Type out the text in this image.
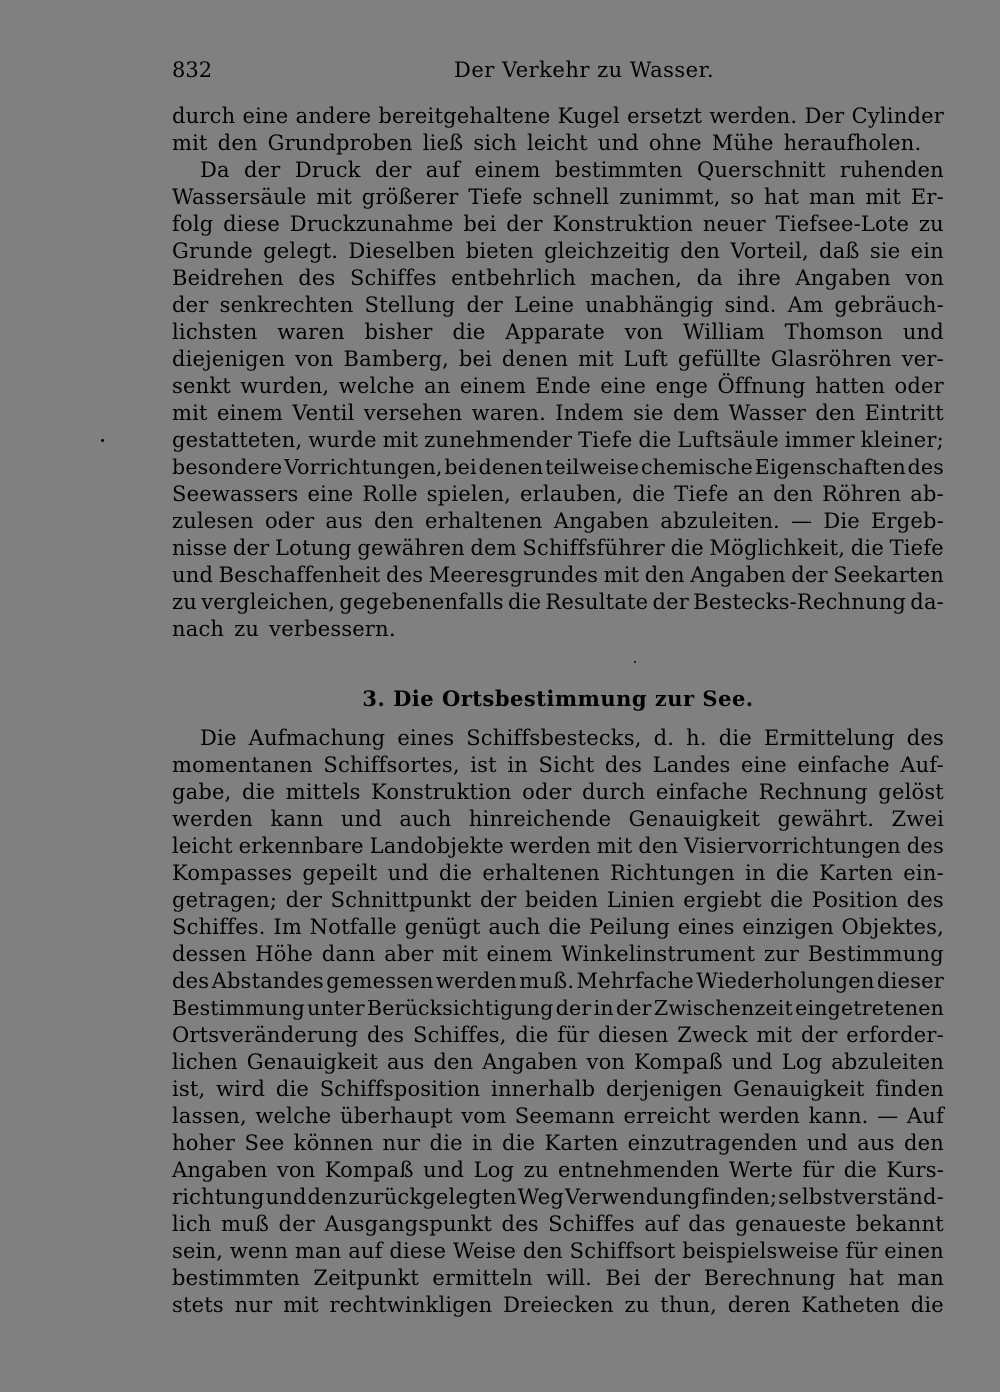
832	Der Verkehr zu Wasser.
durch eine andere bereitgehaltene Kugel ersetzt werden. Der Cylinder
mit den Grundproben ließ sich leicht und ohne Mühe heraufholen.
Da der Druck der auf einem bestimmten Querschnitt ruhenden
Wassersäule mit größerer Tiefe schnell zunimmt, so hat man mit Er-
folg diese Druckzunahme bei der Konstruktion neuer Tiefsee-Lote zu
Grunde gelegt. Dieselben bieten gleichzeitig den Vorteil, daß sie ein
Beidrehen des Schiffes entbehrlich machen, da ihre Angaben von
der senkrechten Stellung der Leine unabhängig sind. Am gebräuch-
lichsten waren bisher die Apparate von William Thomson und
diejenigen von Bamberg, bei denen mit Luft gefüllte Glasröhren ver-
senkt wurden, welche an einem Ende eine enge Öffnung hatten oder
mit einem Ventil versehen waren. Indem sie dem Wasser den Eintritt
gestatteten, wurde mit zunehmender Tiefe die Luftsäule immer kleiner;
besondere Vorrichtungen, bei denen teilweise chemische Eigenschaften des
Seewassers eine Rolle spielen, erlauben, die Tiefe an den Röhren ab-
zulesen oder aus den erhaltenen Angaben abzuleiten. — Die Ergeb-
nisse der Lotung gewähren dem Schiffsführer die Möglichkeit, die Tiefe
und Beschaffenheit des Meeresgrundes mit den Angaben der Seekarten
zu vergleichen, gegebenenfalls die Resultate der Bestecks-Rechnung da-
nach zu verbessern.
3. Die Ortsbestimmung zur See.
Die Aufmachung eines Schiffsbestecks, d. h. die Ermittelung des
momentanen Schiffsortes, ist in Sicht des Landes eine einfache Auf-
gabe, die mittels Konstruktion oder durch einfache Rechnung gelöst
werden kann und auch hinreichende Genauigkeit gewährt. Zwei
leicht erkennbare Landobjekte werden mit den Visiervorrichtungen des
Kompasses gepeilt und die erhaltenen Richtungen in die Karten ein-
getragen; der Schnittpunkt der beiden Linien ergiebt die Position des
Schiffes. Im Notfalle genügt auch die Peilung eines einzigen Objektes,
dessen Höhe dann aber mit einem Winkelinstrument zur Bestimmung
des Abstandes gemessen werden muß. Mehrfache Wiederholungen dieser
Bestimmung unter Berücksichtigung der in der Zwischenzeit eingetretenen
Ortsveränderung des Schiffes, die für diesen Zweck mit der erforder-
lichen Genauigkeit aus den Angaben von Kompaß und Log abzuleiten
ist, wird die Schiffsposition innerhalb derjenigen Genauigkeit finden
lassen, welche überhaupt vom Seemann erreicht werden kann. — Auf
hoher See können nur die in die Karten einzutragenden und aus den
Angaben von Kompaß und Log zu entnehmenden Werte für die Kurs-
richtung und den zurückgelegten Weg Verwendung finden; selbstverständ-
lich muß der Ausgangspunkt des Schiffes auf das genaueste bekannt
sein, wenn man auf diese Weise den Schiffsort beispielsweise für einen
bestimmten Zeitpunkt ermitteln will. Bei der Berechnung hat man
stets nur mit rechtwinkligen Dreiecken zu thun, deren Katheten die
